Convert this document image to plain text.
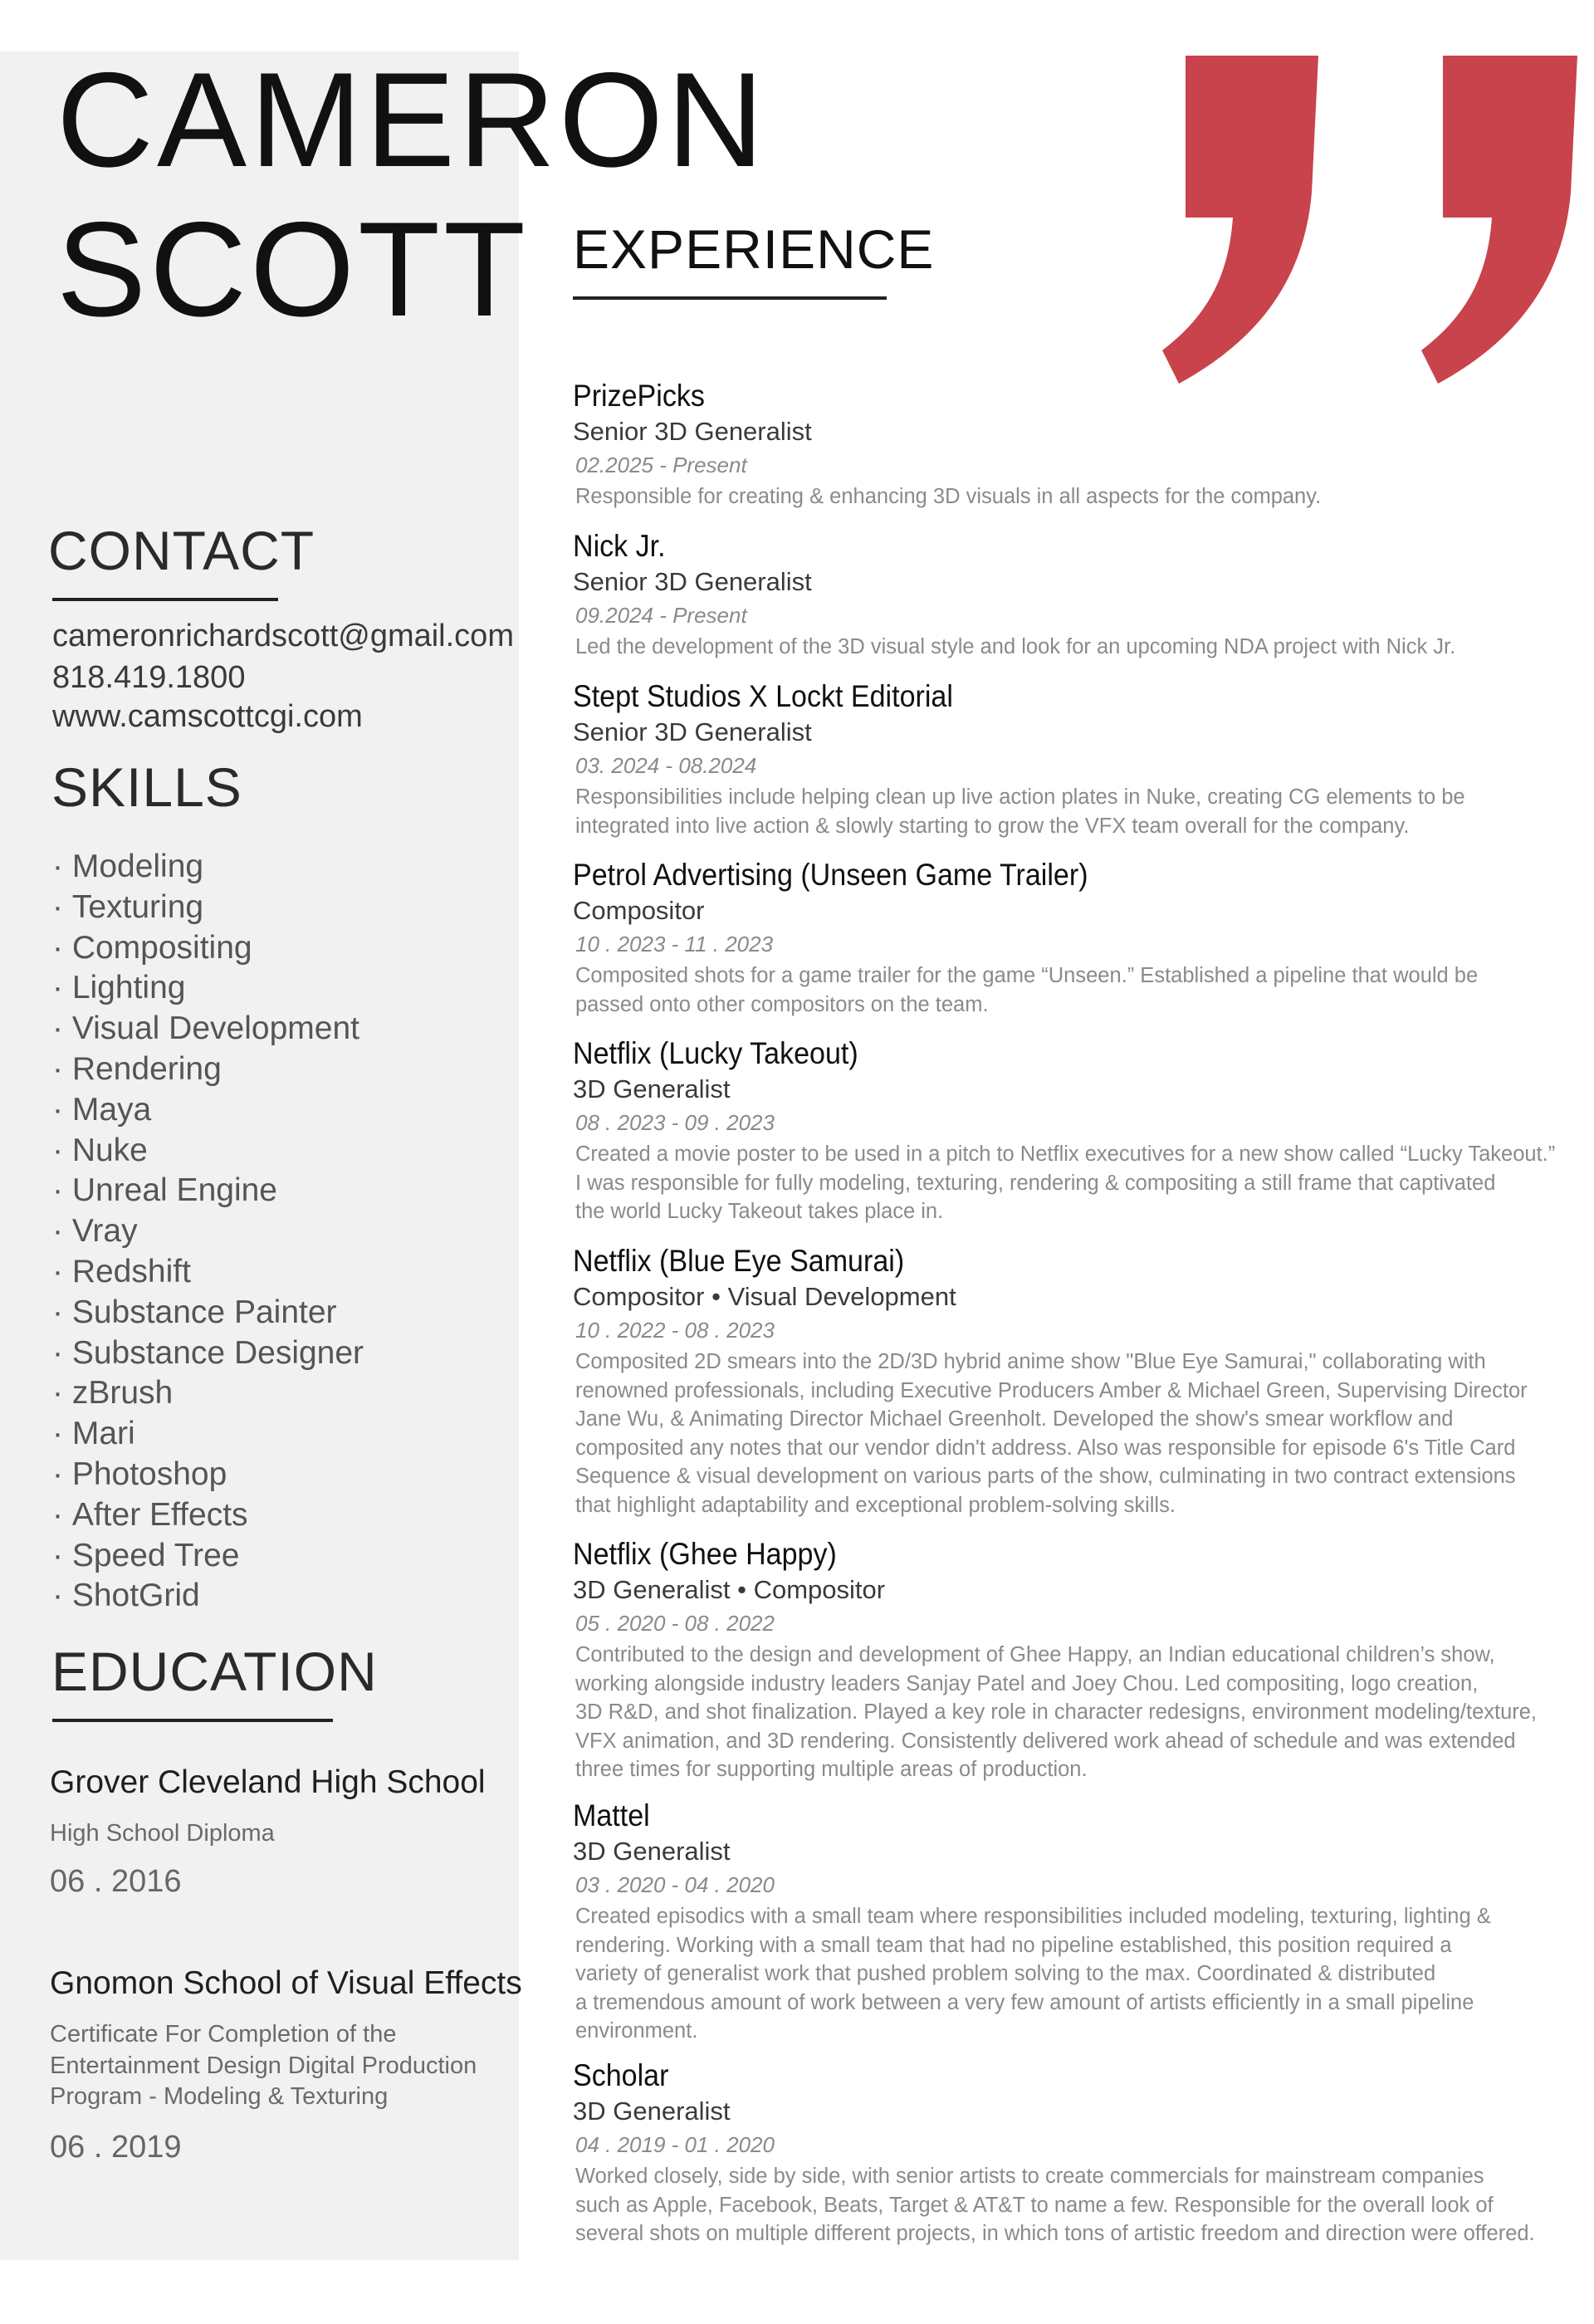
CAMERON
SCOTT
CONTACT
cameronrichardscott@gmail.com
818.419.1800
www.camscottcgi.com
SKILLS
· Modeling
· Texturing
· Compositing
· Lighting
· Visual Development
· Rendering
· Maya
· Nuke
· Unreal Engine
· Vray
· Redshift
· Substance Painter
· Substance Designer
· zBrush
· Mari
· Photoshop
· After Effects
· Speed Tree
· ShotGrid
EDUCATION
Grover Cleveland High School
High School Diploma
06 . 2016
Gnomon School of Visual Effects
Certificate For Completion of the Entertainment Design Digital Production Program - Modeling & Texturing
06 . 2019
EXPERIENCE
PrizePicks
Senior 3D Generalist
02.2025 - Present
Responsible for creating & enhancing 3D visuals in all aspects for the company.
Nick Jr.
Senior 3D Generalist
09.2024 - Present
Led the development of the 3D visual style and look for an upcoming NDA project with Nick Jr.
Stept Studios X Lockt Editorial
Senior 3D Generalist
03. 2024 - 08.2024
Responsibilities include helping clean up live action plates in Nuke, creating CG elements to be
integrated into live action & slowly starting to grow the VFX team overall for the company.
Petrol Advertising (Unseen Game Trailer)
Compositor
10 . 2023 - 11 . 2023
Composited shots for a game trailer for the game “Unseen.” Established a pipeline that would be
passed onto other compositors on the team.
Netflix (Lucky Takeout)
3D Generalist
08 . 2023 - 09 . 2023
Created a movie poster to be used in a pitch to Netflix executives for a new show called “Lucky Takeout.”
I was responsible for fully modeling, texturing, rendering & compositing a still frame that captivated
the world Lucky Takeout takes place in.
Netflix (Blue Eye Samurai)
Compositor • Visual Development
10 . 2022 - 08 . 2023
Composited 2D smears into the 2D/3D hybrid anime show "Blue Eye Samurai," collaborating with
renowned professionals, including Executive Producers Amber & Michael Green, Supervising Director
Jane Wu, & Animating Director Michael Greenholt. Developed the show's smear workflow and
composited any notes that our vendor didn't address. Also was responsible for episode 6's Title Card
Sequence & visual development on various parts of the show, culminating in two contract extensions
that highlight adaptability and exceptional problem-solving skills.
Netflix (Ghee Happy)
3D Generalist • Compositor
05 . 2020 - 08 . 2022
Contributed to the design and development of Ghee Happy, an Indian educational children’s show,
working alongside industry leaders Sanjay Patel and Joey Chou. Led compositing, logo creation,
3D R&D, and shot finalization. Played a key role in character redesigns, environment modeling/texture,
VFX animation, and 3D rendering. Consistently delivered work ahead of schedule and was extended
three times for supporting multiple areas of production.
Mattel
3D Generalist
03 . 2020 - 04 . 2020
Created episodics with a small team where responsibilities included modeling, texturing, lighting &
rendering. Working with a small team that had no pipeline established, this position required a
variety of generalist work that pushed problem solving to the max. Coordinated & distributed
a tremendous amount of work between a very few amount of artists efficiently in a small pipeline
environment.
Scholar
3D Generalist
04 . 2019 - 01 . 2020
Worked closely, side by side, with senior artists to create commercials for mainstream companies
such as Apple, Facebook, Beats, Target & AT&T to name a few. Responsible for the overall look of
several shots on multiple different projects, in which tons of artistic freedom and direction were offered.
